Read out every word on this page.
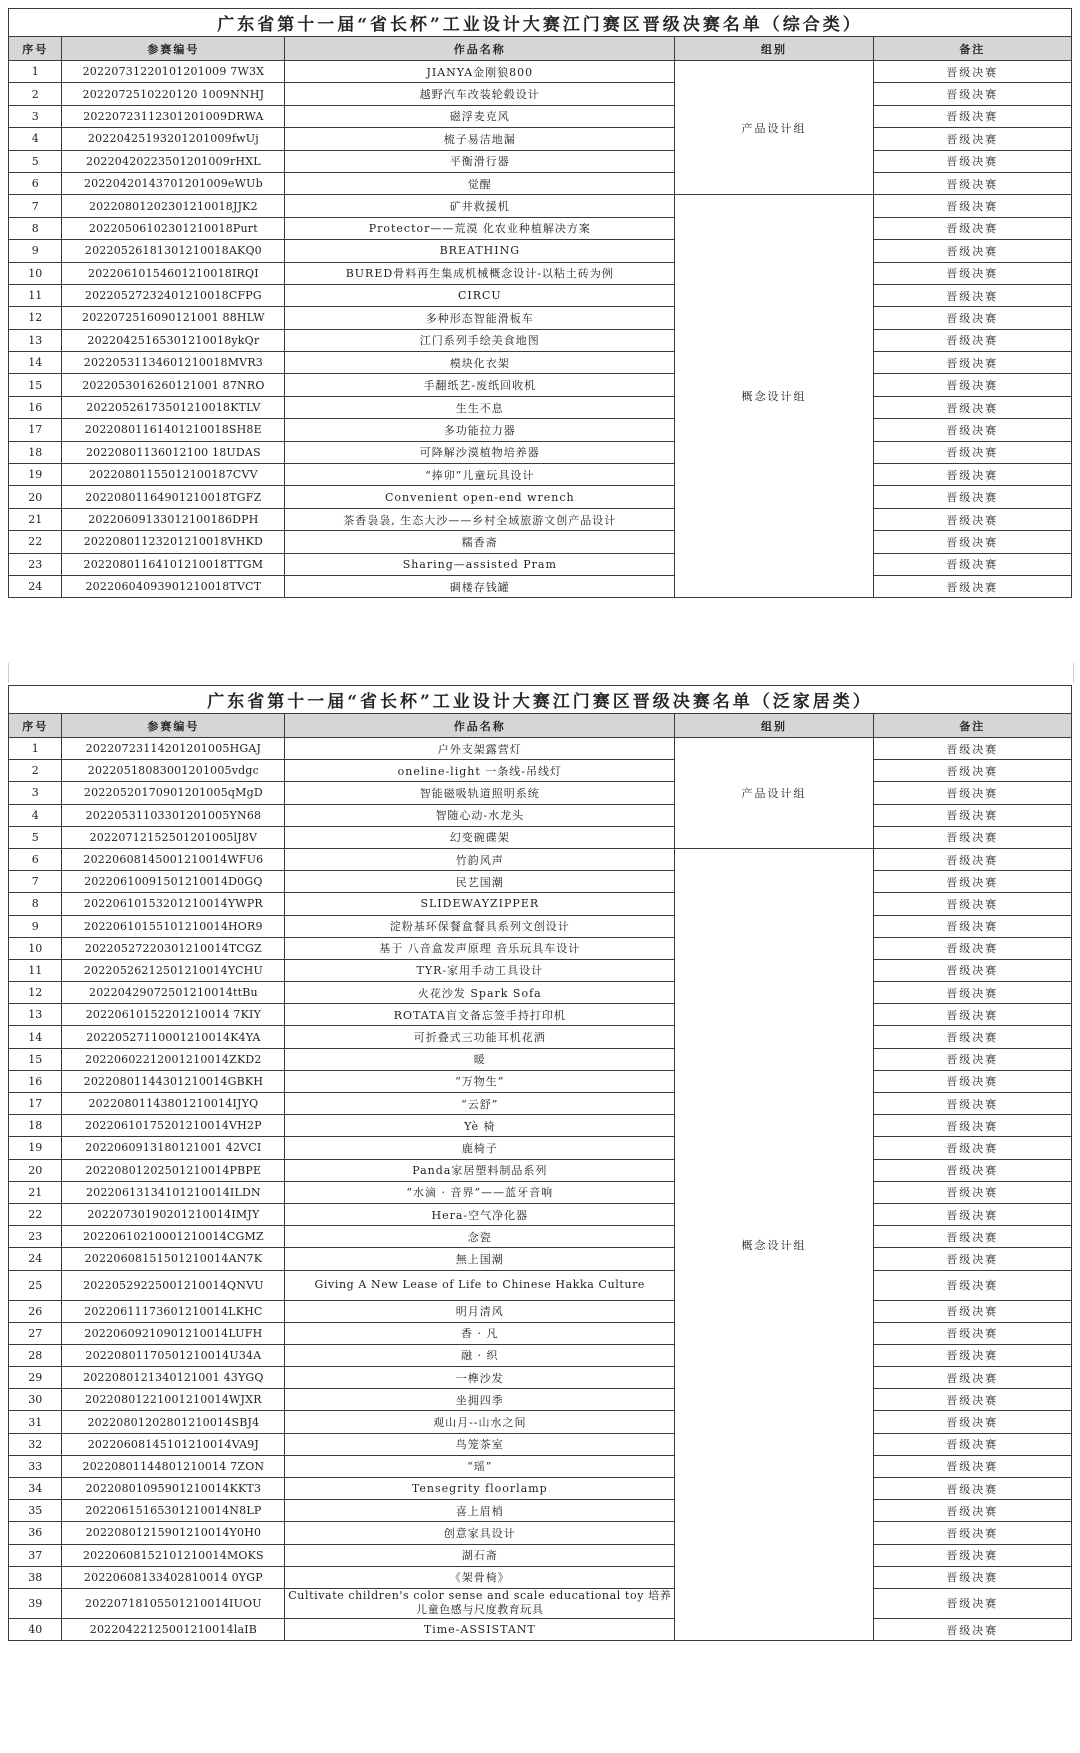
广东省第十一届“省长杯”工业设计大赛江门赛区晋级决赛名单（综合类）				
序号	参赛编号	作品名称	组别	备注
1	20220731220101201009 7W3X	JIANYA金刚狼800	产品设计组	晋级决赛
2	2022072510220120 1009NNHJ	越野汽车改装轮毂设计		晋级决赛
3	20220723112301201009DRWA	磁浮麦克风		晋级决赛
4	20220425193201201009fwUj	梳子易洁地漏		晋级决赛
5	20220420223501201009rHXL	平衡滑行器		晋级决赛
6	20220420143701201009eWUb	觉醒		晋级决赛
7	20220801202301210018JJK2	矿井救援机	概念设计组	晋级决赛
8	20220506102301210018Purt	Protector——荒漠 化农业种植解决方案		晋级决赛
9	20220526181301210018AKQ0	BREATHING		晋级决赛
10	20220610154601210018IRQI	BURED骨料再生集成机械概念设计-以粘土砖为例		晋级决赛
11	20220527232401210018CFPG	CIRCU		晋级决赛
12	2022072516090121001 88HLW	多种形态智能滑板车		晋级决赛
13	20220425165301210018ykQr	江门系列手绘美食地图		晋级决赛
14	20220531134601210018MVR3	模块化衣架		晋级决赛
15	2022053016260121001 87NRO	手翻纸艺-废纸回收机		晋级决赛
16	20220526173501210018KTLV	生生不息		晋级决赛
17	20220801161401210018SH8E	多功能拉力器		晋级决赛
18	20220801136012100 18UDAS	可降解沙漠植物培养器		晋级决赛
19	20220801155012100187CVV	“捧卯”儿童玩具设计		晋级决赛
20	20220801164901210018TGFZ	Convenient open-end wrench		晋级决赛
21	20220609133012100186DPH	茶香袅袅, 生态大沙——乡村全域旅游文创产品设计		晋级决赛
22	20220801123201210018VHKD	糯香斋		晋级决赛
23	20220801164101210018TTGM	Sharing—assisted Pram		晋级决赛
24	20220604093901210018TVCT	碉楼存钱罐		晋级决赛
广东省第十一届“省长杯”工业设计大赛江门赛区晋级决赛名单（泛家居类）				
序号	参赛编号	作品名称	组别	备注
1	20220723114201201005HGAJ	户外支架露营灯	产品设计组	晋级决赛
2	20220518083001201005vdgc	oneline-light 一条线-吊线灯		晋级决赛
3	20220520170901201005qMgD	智能磁吸轨道照明系统		晋级决赛
4	20220531103301201005YN68	智随心动-水龙头		晋级决赛
5	20220712152501201005lJ8V	幻变碗碟架		晋级决赛
6	20220608145001210014WFU6	竹韵风声	概念设计组	晋级决赛
7	20220610091501210014D0GQ	民艺国潮		晋级决赛
8	20220610153201210014YWPR	SLIDEWAYZIPPER		晋级决赛
9	20220610155101210014HOR9	淀粉基环保餐盒餐具系列文创设计		晋级决赛
10	20220527220301210014TCGZ	基于 八音盒发声原理 音乐玩具车设计		晋级决赛
11	20220526212501210014YCHU	TYR-家用手动工具设计		晋级决赛
12	20220429072501210014ttBu	火花沙发 Spark Sofa		晋级决赛
13	20220610152201210014 7KIY	ROTATA盲文备忘签手持打印机		晋级决赛
14	20220527110001210014K4YA	可折叠式三功能耳机花洒		晋级决赛
15	20220602212001210014ZKD2	暖		晋级决赛
16	20220801144301210014GBKH	“万物生”		晋级决赛
17	20220801143801210014IJYQ	“云舒”		晋级决赛
18	20220610175201210014VH2P	Yè 椅		晋级决赛
19	2022060913180121001 42VCI	鹿椅子		晋级决赛
20	20220801202501210014PBPE	Panda家居塑料制品系列		晋级决赛
21	20220613134101210014ILDN	“水滴 · 音界”——蓝牙音响		晋级决赛
22	20220730190201210014IMJY	Hera-空气净化器		晋级决赛
23	20220610210001210014CGMZ	念瓷		晋级决赛
24	20220608151501210014AN7K	無上国潮		晋级决赛
25	20220529225001210014QNVU	Giving A New Lease of Life to Chinese Hakka Culture		晋级决赛
26	20220611173601210014LKHC	明月清风		晋级决赛
27	20220609210901210014LUFH	香 · 凡		晋级决赛
28	20220801170501210014U34A	融 · 织		晋级决赛
29	2022080121340121001 43YGQ	一榫沙发		晋级决赛
30	20220801221001210014WJXR	坐拥四季		晋级决赛
31	20220801202801210014SBJ4	观山月--山水之间		晋级决赛
32	20220608145101210014VA9J	鸟笼茶室		晋级决赛
33	20220801144801210014 7ZON	“瑶”		晋级决赛
34	20220801095901210014KKT3	Tensegrity floorlamp		晋级决赛
35	20220615165301210014N8LP	喜上眉梢		晋级决赛
36	20220801215901210014Y0H0	创意家具设计		晋级决赛
37	20220608152101210014MOKS	湖石斋		晋级决赛
38	20220608133402810014 0YGP	《架骨椅》		晋级决赛
39	20220718105501210014IUOU	Cultivate children's color sense and scale educational toy 培养儿童色感与尺度教育玩具		晋级决赛
40	20220422125001210014laIB	Time-ASSISTANT		晋级决赛
